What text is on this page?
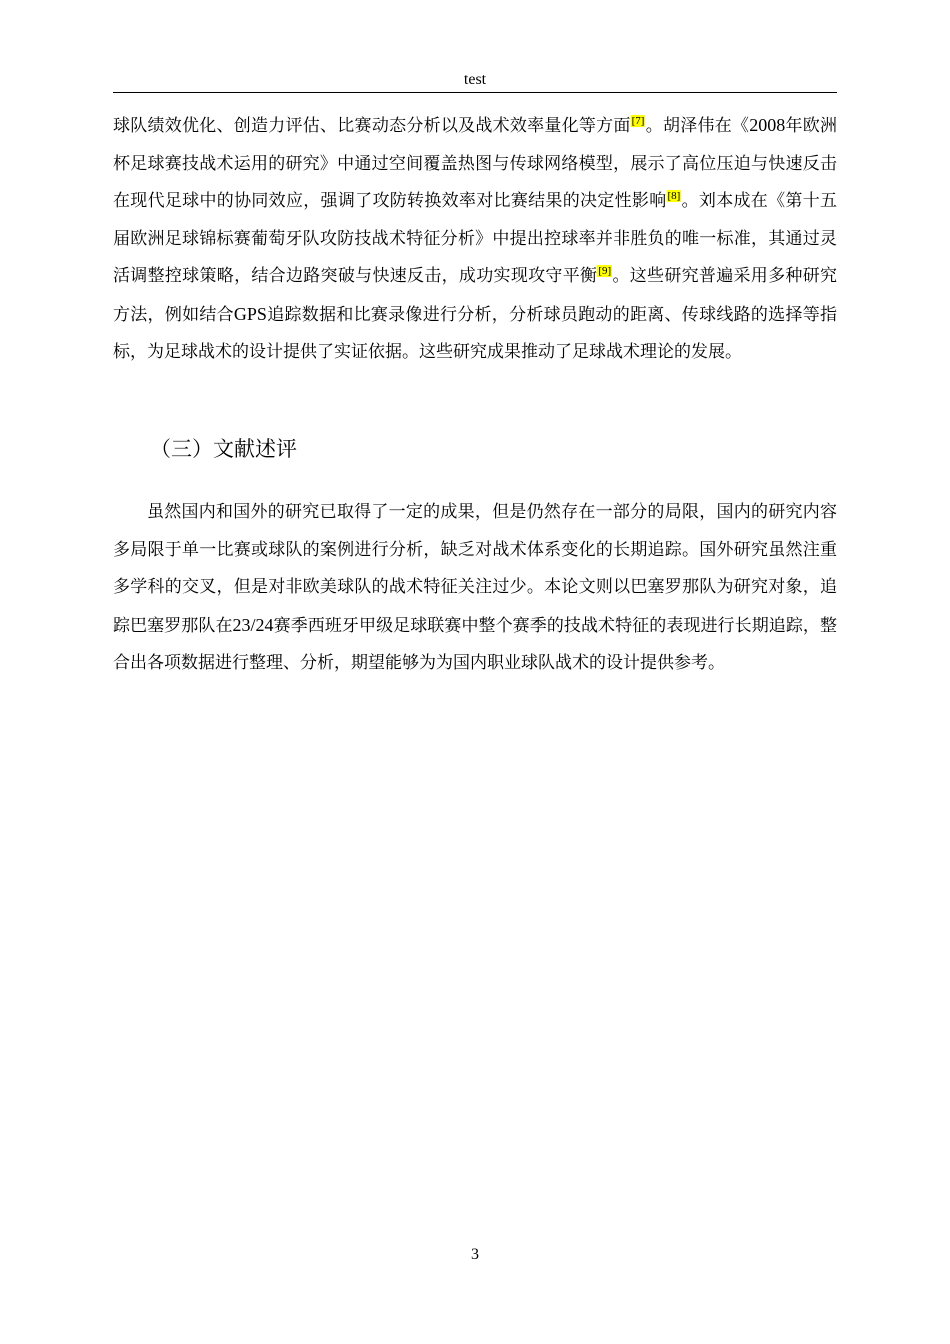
test

球队绩效优化、创造力评估、比赛动态分析以及战术效率量化等方面[7]。胡泽伟在《2008年欧洲杯足球赛技战术运用的研究》中通过空间覆盖热图与传球网络模型，展示了高位压迫与快速反击在现代足球中的协同效应，强调了攻防转换效率对比赛结果的决定性影响[8]。刘本成在《第十五届欧洲足球锦标赛葡萄牙队攻防技战术特征分析》中提出控球率并非胜负的唯一标准，其通过灵活调整控球策略，结合边路突破与快速反击，成功实现攻守平衡[9]。这些研究普遍采用多种研究方法，例如结合GPS追踪数据和比赛录像进行分析，分析球员跑动的距离、传球线路的选择等指标，为足球战术的设计提供了实证依据。这些研究成果推动了足球战术理论的发展。

（三）文献述评

虽然国内和国外的研究已取得了一定的成果，但是仍然存在一部分的局限，国内的研究内容多局限于单一比赛或球队的案例进行分析，缺乏对战术体系变化的长期追踪。国外研究虽然注重多学科的交叉，但是对非欧美球队的战术特征关注过少。本论文则以巴塞罗那队为研究对象，追踪巴塞罗那队在23/24赛季西班牙甲级足球联赛中整个赛季的技战术特征的表现进行长期追踪，整合出各项数据进行整理、分析，期望能够为为国内职业球队战术的设计提供参考。

3
